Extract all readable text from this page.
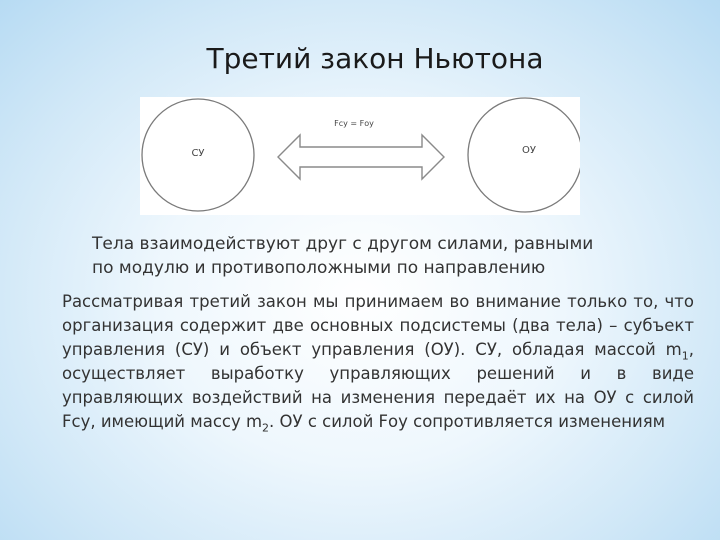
Третий закон Ньютона
СУ	ОУ
Fсу = Fоу
Тела взаимодействуют друг с другом силами, равными
по модулю и противоположными по направлению
Рассматривая третий закон мы принимаем во внимание только то, что организация содержит две основных подсистемы (два тела) – субъект управления (СУ) и объект управления (ОУ). СУ, обладая массой $m_1$, осуществляет выработку управляющих решений и в виде управляющих воздействий на изменения передаёт их на ОУ с силой Fсу, имеющий массу $m_2$. ОУ с силой Fоу сопротивляется изменениям
